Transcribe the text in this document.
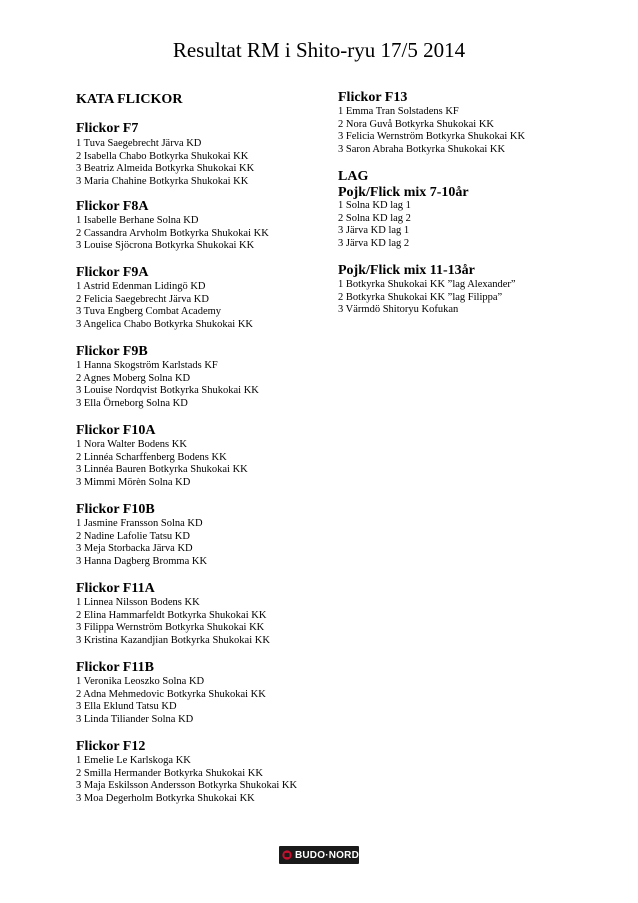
Resultat RM i Shito-ryu 17/5 2014
KATA FLICKOR
Flickor F7
1 Tuva Saegebrecht Järva KD
2 Isabella Chabo Botkyrka Shukokai KK
3 Beatriz Almeida Botkyrka Shukokai KK
3 Maria Chahine Botkyrka Shukokai KK
Flickor F8A
1 Isabelle Berhane Solna KD
2 Cassandra Arvholm Botkyrka Shukokai KK
3 Louise Sjöcrona Botkyrka Shukokai KK
Flickor F9A
1 Astrid Edenman Lidingö KD
2 Felicia Saegebrecht Järva KD
3 Tuva Engberg Combat Academy
3 Angelica Chabo Botkyrka Shukokai KK
Flickor F9B
1 Hanna Skogström Karlstads KF
2 Agnes Moberg Solna KD
3 Louise Nordqvist Botkyrka Shukokai KK
3 Ella Örneborg Solna KD
Flickor F10A
1 Nora Walter Bodens KK
2 Linnéa Scharffenberg Bodens KK
3 Linnéa Bauren Botkyrka Shukokai KK
3 Mimmi Mörèn Solna KD
Flickor F10B
1 Jasmine Fransson Solna KD
2 Nadine Lafolie Tatsu KD
3 Meja Storbacka Järva KD
3 Hanna Dagberg Bromma KK
Flickor F11A
1 Linnea Nilsson Bodens KK
2 Elina Hammarfeldt Botkyrka Shukokai KK
3 Filippa Wernström Botkyrka Shukokai KK
3 Kristina Kazandjian Botkyrka Shukokai KK
Flickor F11B
1 Veronika Leoszko Solna KD
2 Adna Mehmedovic Botkyrka Shukokai KK
3 Ella Eklund Tatsu KD
3 Linda Tiliander Solna KD
Flickor F12
1 Emelie Le Karlskoga KK
2 Smilla Hermander Botkyrka Shukokai KK
3 Maja Eskilsson Andersson Botkyrka Shukokai KK
3 Moa Degerholm Botkyrka Shukokai KK
Flickor F13
1 Emma Tran Solstadens KF
2 Nora Guvå Botkyrka Shukokai KK
3 Felicia Wernström Botkyrka Shukokai KK
3 Saron Abraha Botkyrka Shukokai KK
LAG
Pojk/Flick mix 7-10år
1 Solna KD lag 1
2 Solna KD lag 2
3 Järva KD lag 1
3 Järva KD lag 2
Pojk/Flick mix 11-13år
1 Botkyrka Shukokai KK ”lag Alexander”
2 Botkyrka Shukokai KK ”lag Filippa”
3 Värmdö Shitoryu Kofukan
BUDO·NORD
